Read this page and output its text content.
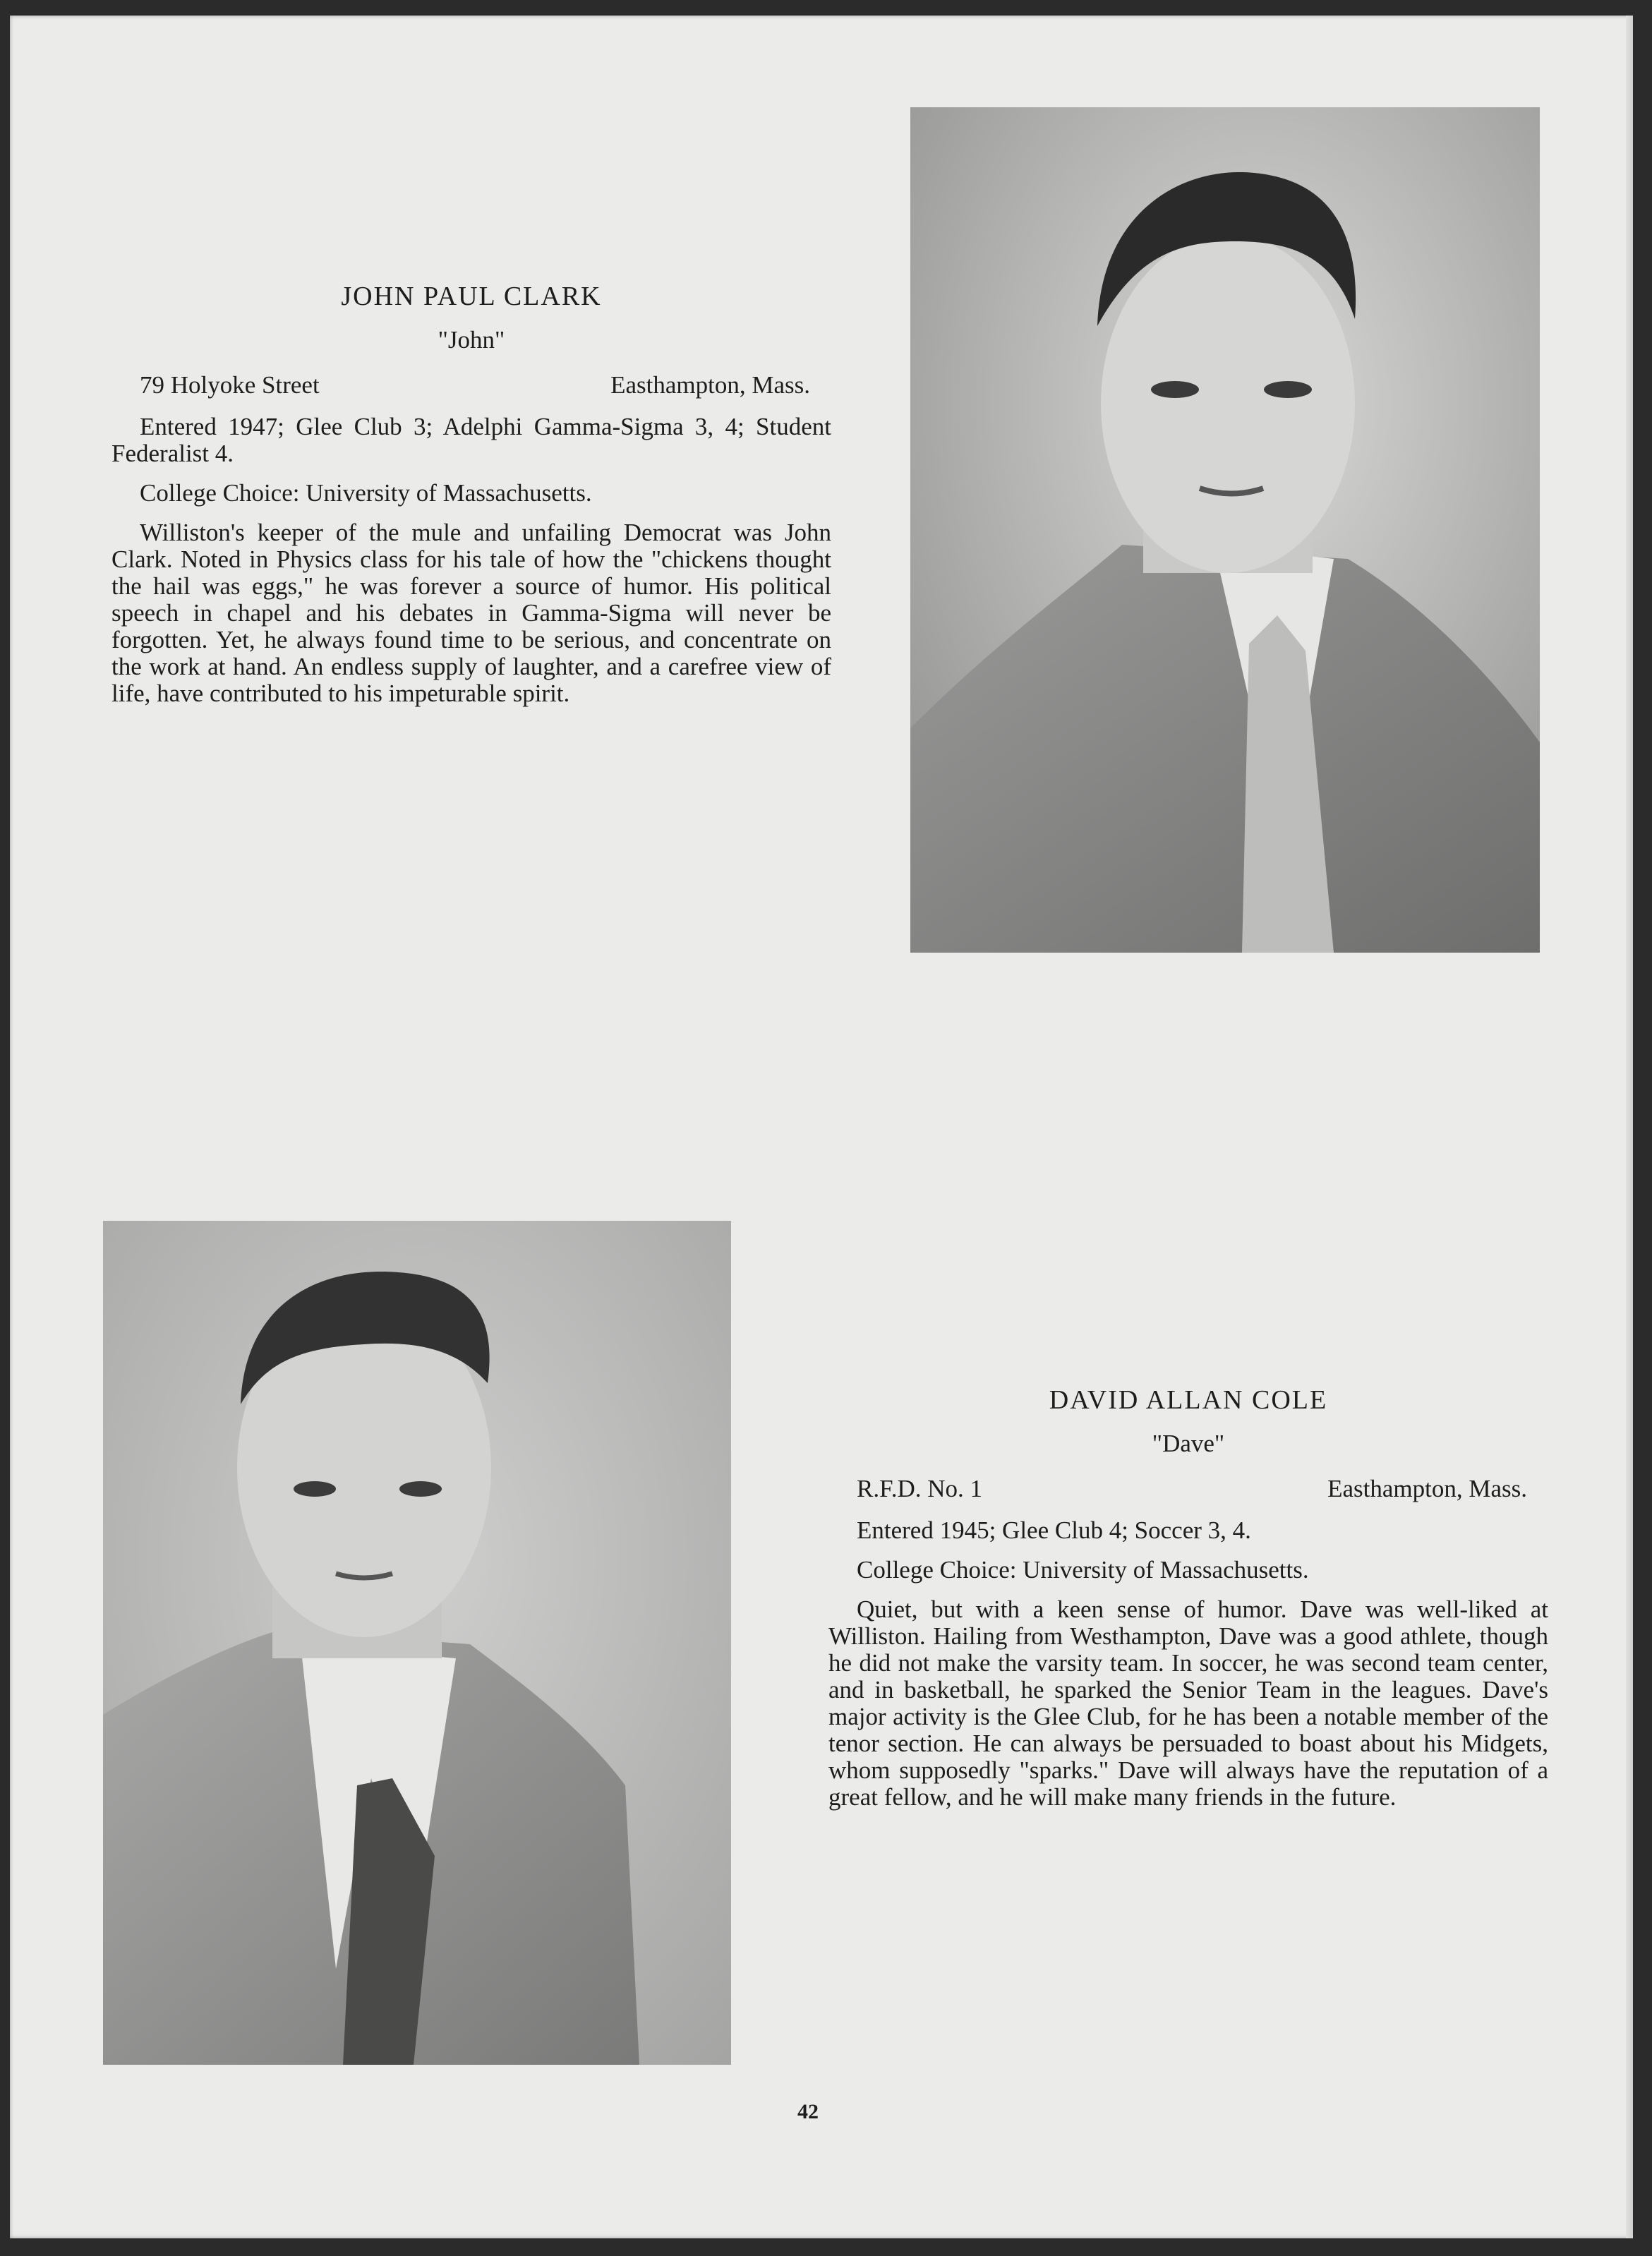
JOHN PAUL CLARK
"John"
79 Holyoke Street	Easthampton, Mass.

Entered 1947; Glee Club 3; Adelphi Gamma-Sigma 3, 4; Student Federalist 4.

College Choice: University of Massachusetts.

Williston's keeper of the mule and unfailing Democrat was John Clark. Noted in Physics class for his tale of how the "chickens thought the hail was eggs," he was forever a source of humor. His political speech in chapel and his debates in Gamma-Sigma will never be forgotten. Yet, he always found time to be serious, and concentrate on the work at hand. An endless supply of laughter, and a carefree view of life, have contributed to his impeturable spirit.

DAVID ALLAN COLE
"Dave"
R.F.D. No. 1	Easthampton, Mass.

Entered 1945; Glee Club 4; Soccer 3, 4.

College Choice: University of Massachusetts.

Quiet, but with a keen sense of humor. Dave was well-liked at Williston. Hailing from Westhampton, Dave was a good athlete, though he did not make the varsity team. In soccer, he was second team center, and in basketball, he sparked the Senior Team in the leagues. Dave's major activity is the Glee Club, for he has been a notable member of the tenor section. He can always be persuaded to boast about his Midgets, whom supposedly "sparks." Dave will always have the reputation of a great fellow, and he will make many friends in the future.

42
